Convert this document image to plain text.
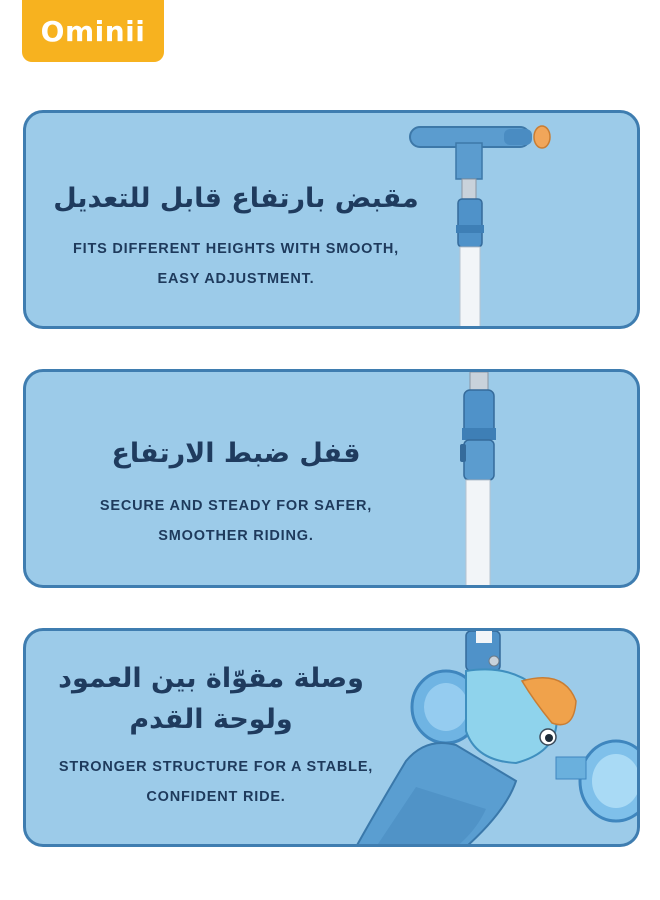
Ominii
مقبض بارتفاع قابل للتعديل
FITS DIFFERENT HEIGHTS WITH SMOOTH,
EASY ADJUSTMENT.
قفل ضبط الارتفاع
SECURE AND STEADY FOR SAFER,
SMOOTHER RIDING.
وصلة مقوّاة بين العمود
ولوحة القدم
STRONGER STRUCTURE FOR A STABLE,
CONFIDENT RIDE.
